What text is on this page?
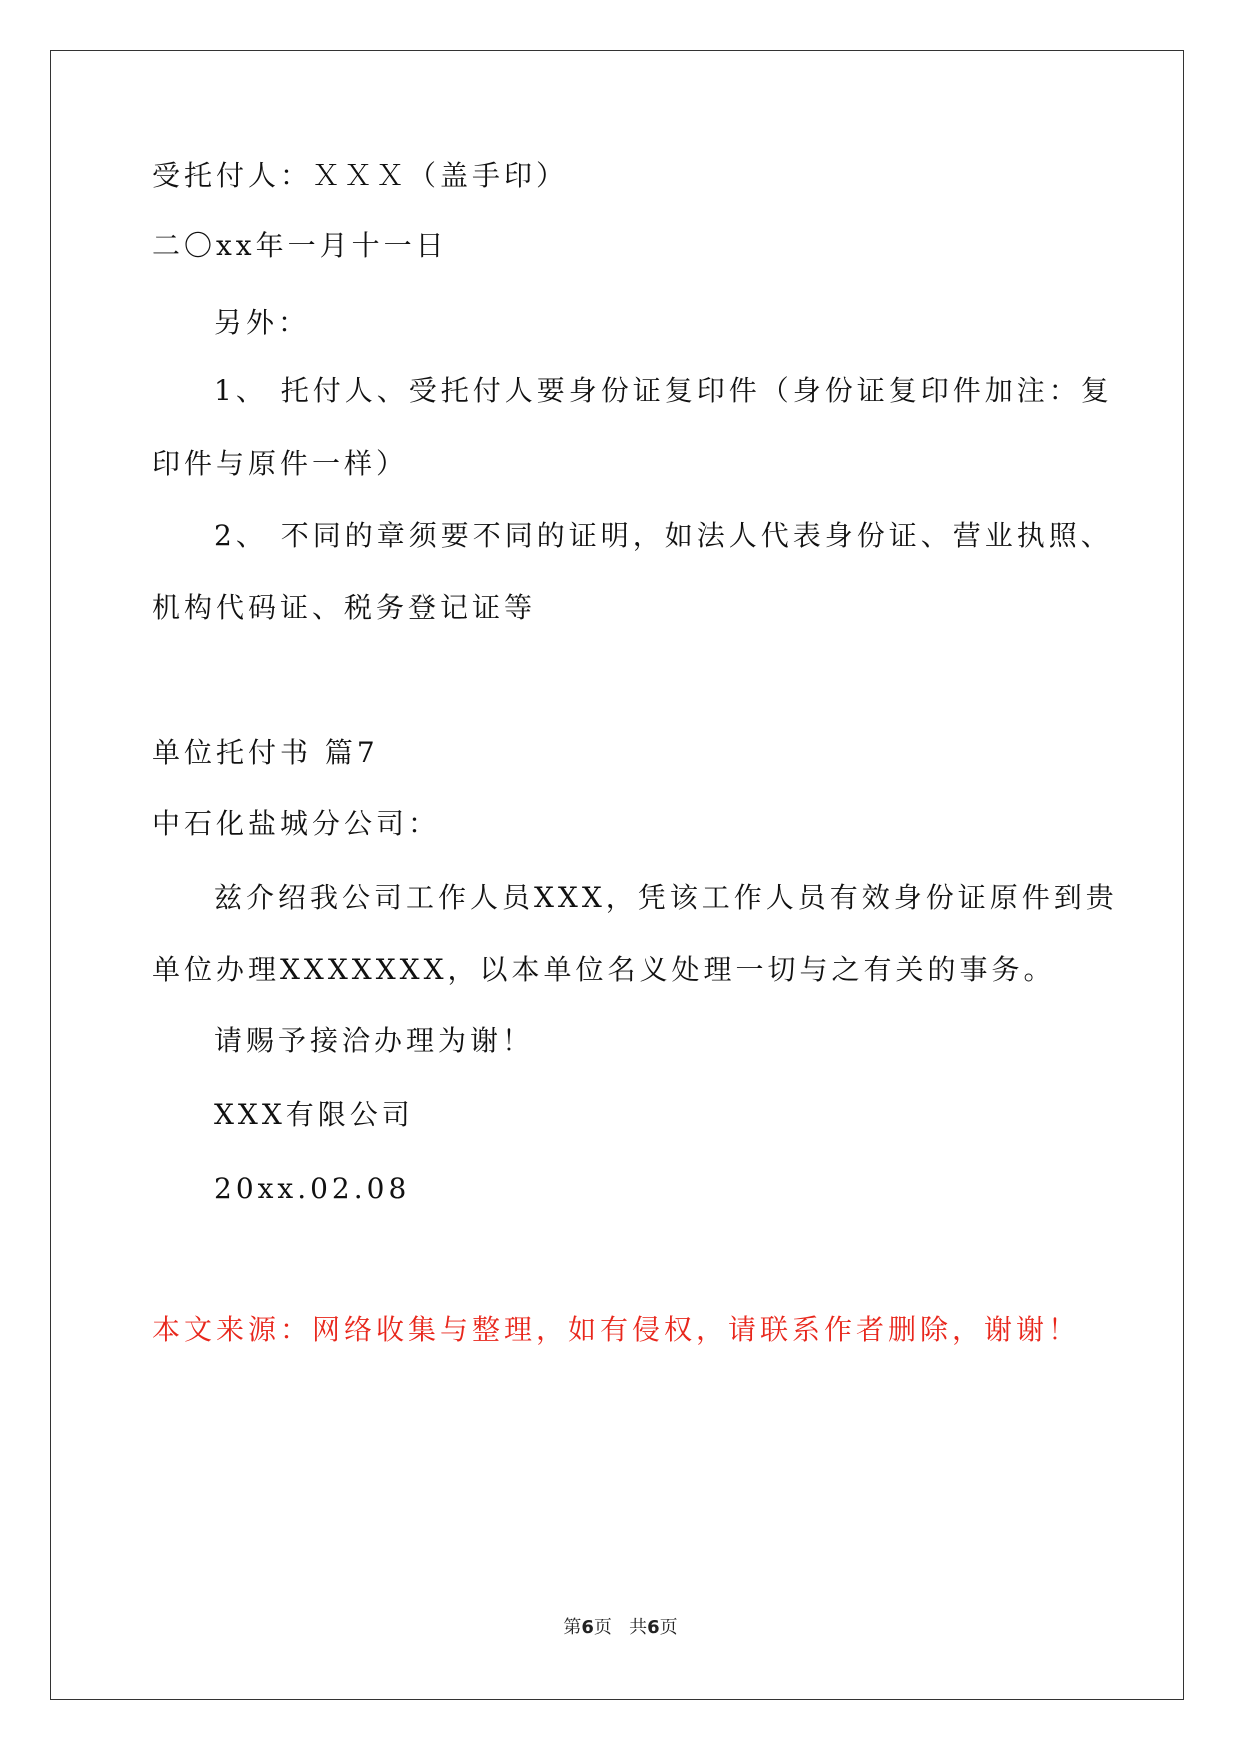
受托付人：ＸＸＸ（盖手印）
二〇xx年一月十一日
另外：
1、 托付人、受托付人要身份证复印件（身份证复印件加注：复
印件与原件一样）
2、 不同的章须要不同的证明，如法人代表身份证、营业执照、
机构代码证、税务登记证等
单位托付书 篇7
中石化盐城分公司：
兹介绍我公司工作人员XXX，凭该工作人员有效身份证原件到贵
单位办理XXXXXXX，以本单位名义处理一切与之有关的事务。
请赐予接洽办理为谢！
XXX有限公司
20xx.02.08
本文来源：网络收集与整理，如有侵权，请联系作者删除，谢谢！
第6页 共6页
